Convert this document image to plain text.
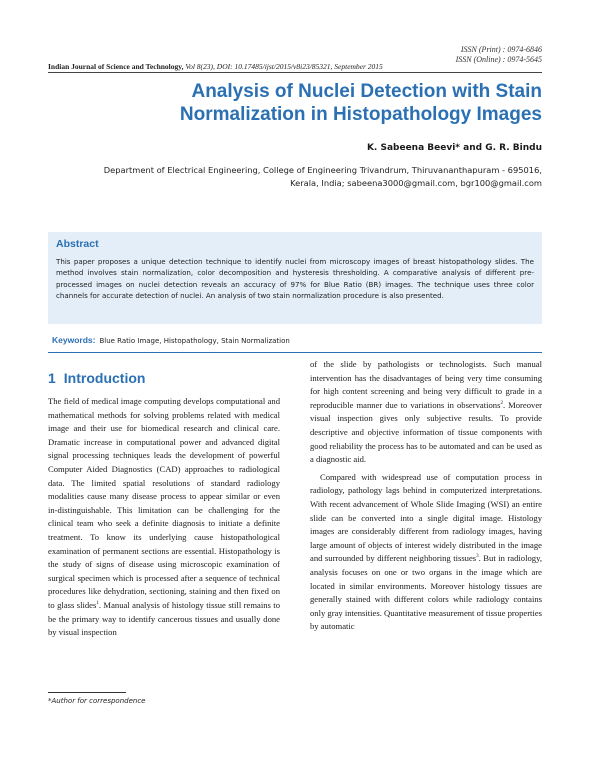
ISSN (Print) : 0974-6846
ISSN (Online) : 0974-5645
Indian Journal of Science and Technology, Vol 8(23), DOI: 10.17485/ijst/2015/v8i23/85321, September 2015
Analysis of Nuclei Detection with Stain Normalization in Histopathology Images
K. Sabeena Beevi* and G. R. Bindu
Department of Electrical Engineering, College of Engineering Trivandrum, Thiruvananthapuram - 695016,
Kerala, India; sabeena3000@gmail.com, bgr100@gmail.com
Abstract
This paper proposes a unique detection technique to identify nuclei from microscopy images of breast histopathology slides. The method involves stain normalization, color decomposition and hysteresis thresholding. A comparative analysis of different pre-processed images on nuclei detection reveals an accuracy of 97% for Blue Ratio (BR) images. The technique uses three color channels for accurate detection of nuclei. An analysis of two stain normalization procedure is also presented.
Keywords: Blue Ratio Image, Histopathology, Stain Normalization
1 Introduction

The field of medical image computing develops computational and mathematical methods for solving problems related with medical image and their use for biomedical research and clinical care. Dramatic increase in computational power and advanced digital signal processing techniques leads the development of powerful Computer Aided Diagnostics (CAD) approaches to radiological data. The limited spatial resolutions of standard radiology modalities cause many disease process to appear similar or even in-distinguishable. This limitation can be challenging for the clinical team who seek a definite diagnosis to initiate a definite treatment. To know its underlying cause histopathological examination of permanent sections are essential. Histopathology is the study of signs of disease using microscopic examination of surgical specimen which is processed after a sequence of technical procedures like dehydration, sectioning, staining and then fixed on to glass slides$^1$. Manual analysis of histology tissue still remains to be the primary way to identify cancerous tissues and usually done by visual inspection

of the slide by pathologists or technologists. Such manual intervention has the disadvantages of being very time consuming for high content screening and being very difficult to grade in a reproducible manner due to variations in observations$^2$. Moreover visual inspection gives only subjective results. To provide descriptive and objective information of tissue components with good reliability the process has to be automated and can be used as a diagnostic aid.

Compared with widespread use of computation process in radiology, pathology lags behind in computerized interpretations. With recent advancement of Whole Slide Imaging (WSI) an entire slide can be converted into a single digital image. Histology images are considerably different from radiology images, having large amount of objects of interest widely distributed in the image and surrounded by different neighboring tissues$^3$. But in radiology, analysis focuses on one or two organs in the image which are located in similar environments. Moreover histology tissues are generally stained with different colors while radiology contains only gray intensities. Quantitative measurement of tissue properties by automatic

*Author for correspondence
